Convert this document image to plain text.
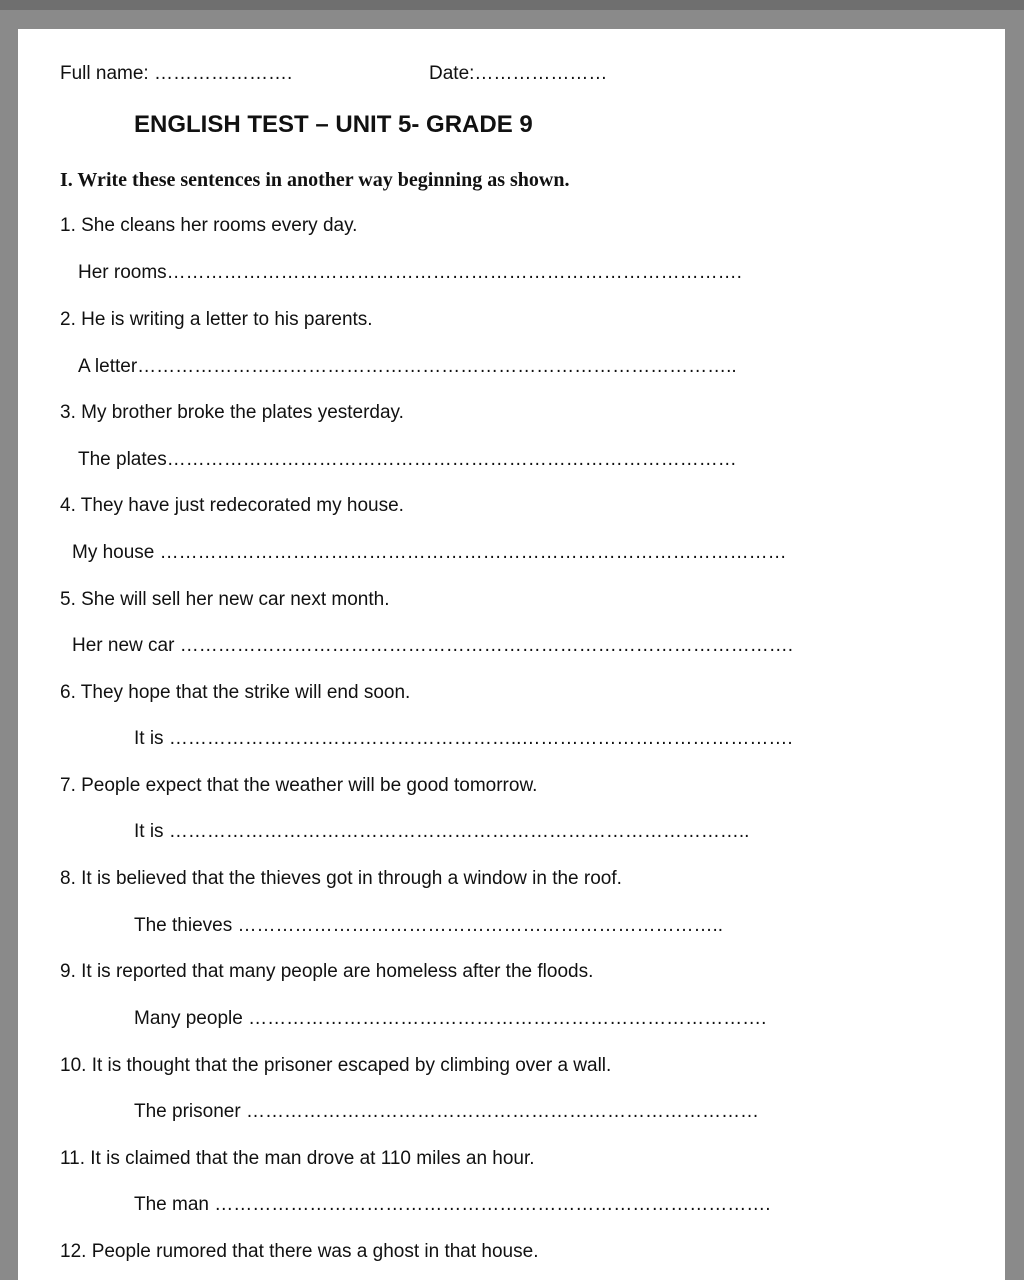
Full name: ………………….	Date:…………………
ENGLISH TEST – UNIT 5- GRADE 9
I. Write these sentences in another way beginning as shown.
1. She cleans her rooms every day.
Her rooms……………………………………………………………………………….
2. He is writing a letter to his parents.
A letter…………………………………………………………………………………..
3. My brother broke the plates yesterday.
The plates………………………………………………………………………………
4. They have just redecorated my house.
My house ………………………………………………………………………………………
5. She will sell her new car next month.
Her new car …………………………………………………………………………………….
6. They hope that the strike will end soon.
It is ………………………………………………..…………………………………….
7. People expect that the weather will be good tomorrow.
It is ………………………………………………………………………………..
8. It is believed that the thieves got in through a window in the roof.
The thieves …………………………………………………………………..
9. It is reported that many people are homeless after the floods.
Many people ……………………………………………………………………….
10. It is thought that the prisoner escaped by climbing over a wall.
The prisoner ………………………………………………………………………
11. It is claimed that the man drove at 110 miles an hour.
The man …………………………………………………………………………….
12. People rumored that there was a ghost in that house.
